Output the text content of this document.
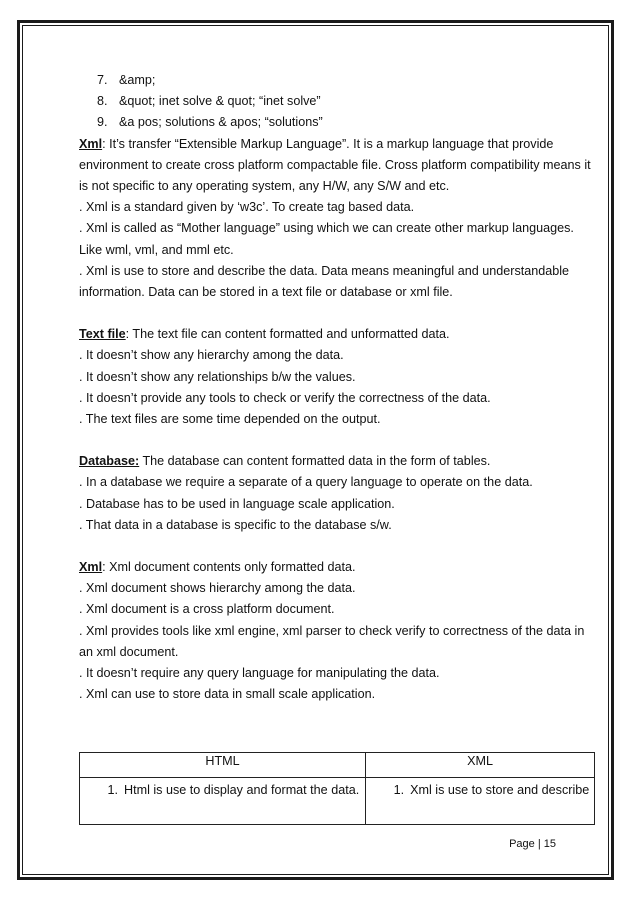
7. &amp;
8. &quot; inet solve & quot; “inet solve”
9. &a pos; solutions & apos; “solutions”

Xml: It’s transfer “Extensible Markup Language”. It is a markup language that provide environment to create cross platform compactable file. Cross platform compatibility means it is not specific to any operating system, any H/W, any S/W and etc.

. Xml is a standard given by ‘w3c’. To create tag based data.

. Xml is called as “Mother language” using which we can create other markup languages. Like wml, vml, and mml etc.

. Xml is use to store and describe the data. Data means meaningful and understandable information. Data can be stored in a text file or database or xml file.

Text file: The text file can content formatted and unformatted data.

. It doesn’t show any hierarchy among the data.

. It doesn’t show any relationships b/w the values.

. It doesn’t provide any tools to check or verify the correctness of the data.

. The text files are some time depended on the output.

Database: The database can content formatted data in the form of tables.

. In a database we require a separate of a query language to operate on the data.

. Database has to be used in language scale application.

. That data in a database is specific to the database s/w.

Xml: Xml document contents only formatted data.

. Xml document shows hierarchy among the data.

. Xml document is a cross platform document.

. Xml provides tools like xml engine, xml parser to check verify to correctness of the data in an xml document.

. It doesn’t require any query language for manipulating the data.

. Xml can use to store data in small scale application.

HTML	XML

1. Html is use to display and format the data.	1. Xml is use to store and describe
Page | 15
